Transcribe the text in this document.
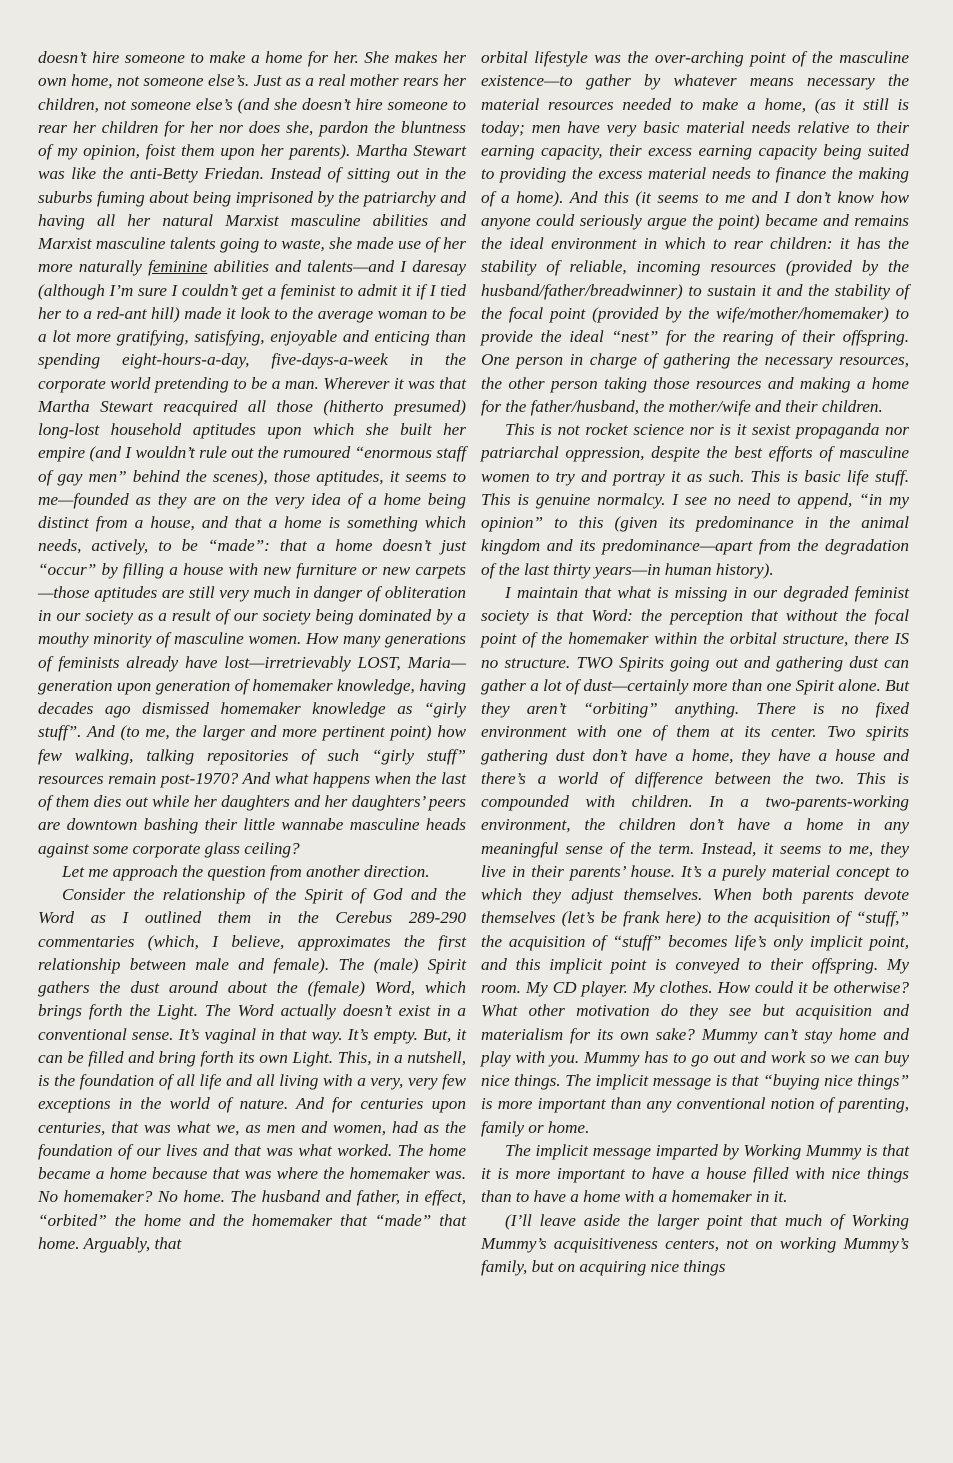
doesn’t hire someone to make a home for her. She makes her own home, not someone else’s. Just as a real mother rears her children, not someone else’s (and she doesn’t hire someone to rear her children for her nor does she, pardon the bluntness of my opinion, foist them upon her parents). Martha Stewart was like the anti-Betty Friedan. Instead of sitting out in the suburbs fuming about being imprisoned by the patriarchy and having all her natural Marxist masculine abilities and Marxist masculine talents going to waste, she made use of her more naturally feminine abilities and talents—and I daresay (although I’m sure I couldn’t get a feminist to admit it if I tied her to a red-ant hill) made it look to the average woman to be a lot more gratifying, satisfying, enjoyable and enticing than spending eight-hours-a-day, five-days-a-week in the corporate world pretending to be a man. Wherever it was that Martha Stewart reacquired all those (hitherto presumed) long-lost household aptitudes upon which she built her empire (and I wouldn’t rule out the rumoured “enormous staff of gay men” behind the scenes), those aptitudes, it seems to me—founded as they are on the very idea of a home being distinct from a house, and that a home is something which needs, actively, to be “made”: that a home doesn’t just “occur” by filling a house with new furniture or new carpets—those aptitudes are still very much in danger of obliteration in our society as a result of our society being dominated by a mouthy minority of masculine women. How many generations of feminists already have lost—irretrievably LOST, Maria—generation upon generation of homemaker knowledge, having decades ago dismissed homemaker knowledge as “girly stuff”. And (to me, the larger and more pertinent point) how few walking, talking repositories of such “girly stuff” resources remain post-1970? And what happens when the last of them dies out while her daughters and her daughters’ peers are downtown bashing their little wannabe masculine heads against some corporate glass ceiling?

Let me approach the question from another direction.

Consider the relationship of the Spirit of God and the Word as I outlined them in the Cerebus 289-290 commentaries (which, I believe, approximates the first relationship between male and female). The (male) Spirit gathers the dust around about the (female) Word, which brings forth the Light. The Word actually doesn’t exist in a conventional sense. It’s vaginal in that way. It’s empty. But, it can be filled and bring forth its own Light. This, in a nutshell, is the foundation of all life and all living with a very, very few exceptions in the world of nature. And for centuries upon centuries, that was what we, as men and women, had as the foundation of our lives and that was what worked. The home became a home because that was where the homemaker was. No homemaker? No home. The husband and father, in effect, “orbited” the home and the homemaker that “made” that home. Arguably, that

orbital lifestyle was the over-arching point of the masculine existence—to gather by whatever means necessary the material resources needed to make a home, (as it still is today; men have very basic material needs relative to their earning capacity, their excess earning capacity being suited to providing the excess material needs to finance the making of a home). And this (it seems to me and I don’t know how anyone could seriously argue the point) became and remains the ideal environment in which to rear children: it has the stability of reliable, incoming resources (provided by the husband/father/breadwinner) to sustain it and the stability of the focal point (provided by the wife/mother/homemaker) to provide the ideal “nest” for the rearing of their offspring. One person in charge of gathering the necessary resources, the other person taking those resources and making a home for the father/husband, the mother/wife and their children.

This is not rocket science nor is it sexist propaganda nor patriarchal oppression, despite the best efforts of masculine women to try and portray it as such. This is basic life stuff. This is genuine normalcy. I see no need to append, “in my opinion” to this (given its predominance in the animal kingdom and its predominance—apart from the degradation of the last thirty years—in human history).

I maintain that what is missing in our degraded feminist society is that Word: the perception that without the focal point of the homemaker within the orbital structure, there IS no structure. TWO Spirits going out and gathering dust can gather a lot of dust—certainly more than one Spirit alone. But they aren’t “orbiting” anything. There is no fixed environment with one of them at its center. Two spirits gathering dust don’t have a home, they have a house and there’s a world of difference between the two. This is compounded with children. In a two-parents-working environment, the children don’t have a home in any meaningful sense of the term. Instead, it seems to me, they live in their parents’ house. It’s a purely material concept to which they adjust themselves. When both parents devote themselves (let’s be frank here) to the acquisition of “stuff,” the acquisition of “stuff” becomes life’s only implicit point, and this implicit point is conveyed to their offspring. My room. My CD player. My clothes. How could it be otherwise? What other motivation do they see but acquisition and materialism for its own sake? Mummy can’t stay home and play with you. Mummy has to go out and work so we can buy nice things. The implicit message is that “buying nice things” is more important than any conventional notion of parenting, family or home.

The implicit message imparted by Working Mummy is that it is more important to have a house filled with nice things than to have a home with a homemaker in it.

(I’ll leave aside the larger point that much of Working Mummy’s acquisitiveness centers, not on working Mummy’s family, but on acquiring nice things
